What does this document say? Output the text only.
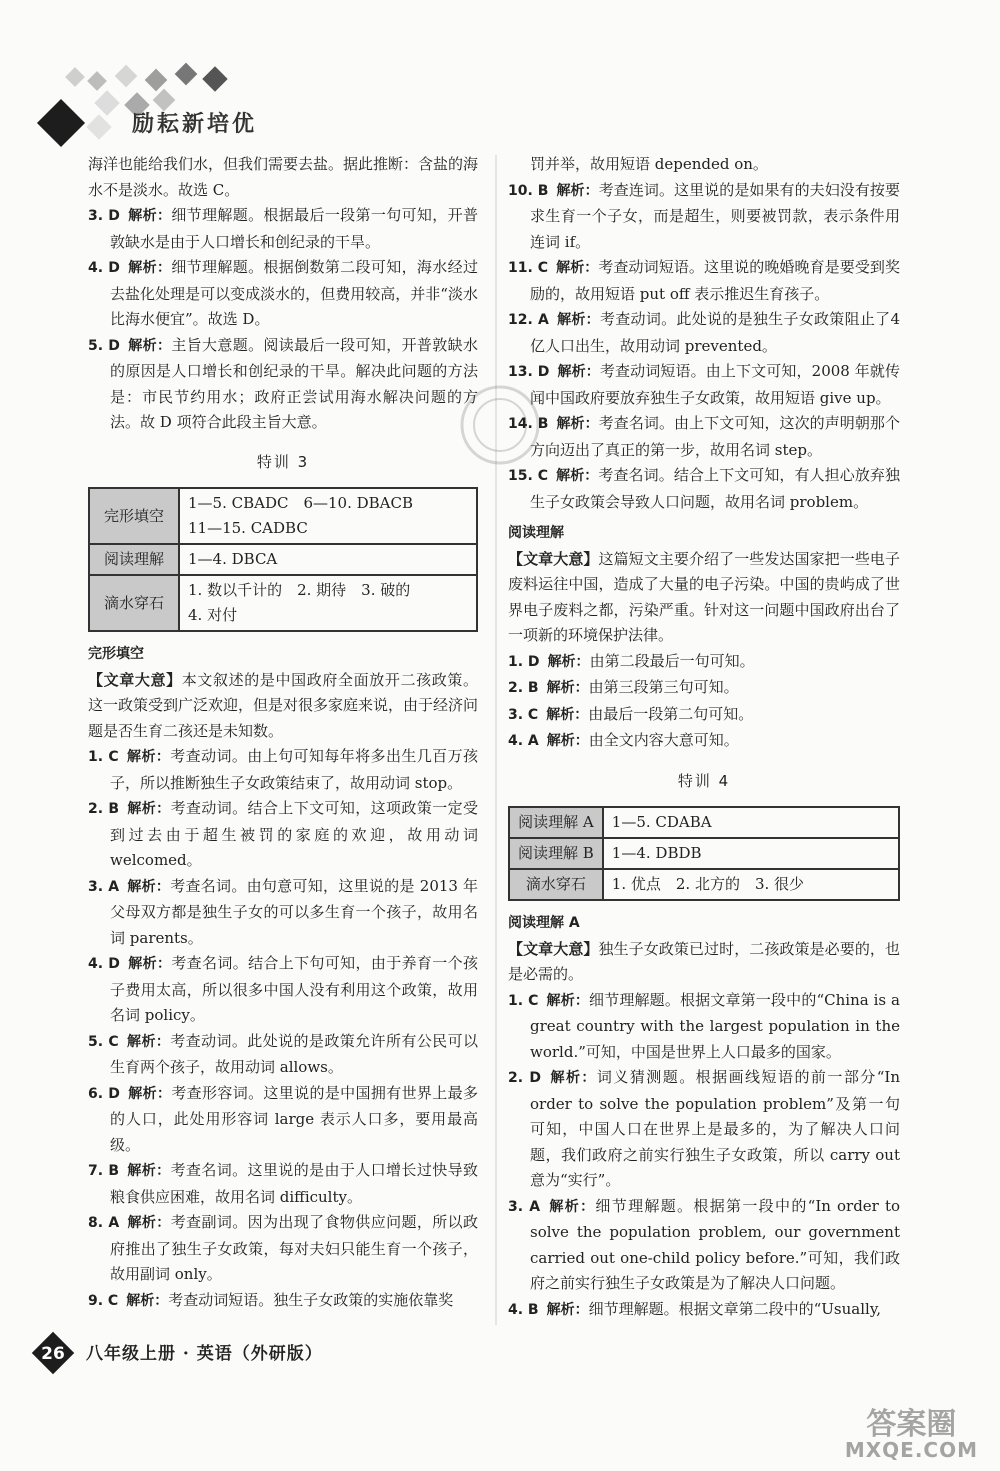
励耘新培优

海洋也能给我们水，但我们需要去盐。据此推断：含盐的海水不是淡水。故选 C。

3. D 解析：细节理解题。根据最后一段第一句可知，开普敦缺水是由于人口增长和创纪录的干旱。

4. D 解析：细节理解题。根据倒数第二段可知，海水经过去盐化处理是可以变成淡水的，但费用较高，并非“淡水比海水便宜”。故选 D。

5. D 解析：主旨大意题。阅读最后一段可知，开普敦缺水的原因是人口增长和创纪录的干旱。解决此问题的方法是：市民节约用水；政府正尝试用海水解决问题的方法。故 D 项符合此段主旨大意。

特训 3
完形填空	1—5. CBADC　6—10. DBACB
11—15. CADBC

阅读理解	1—4. DBCA

滴水穿石	1. 数以千计的　2. 期待　3. 破的
4. 对付
完形填空

【文章大意】本文叙述的是中国政府全面放开二孩政策。这一政策受到广泛欢迎，但是对很多家庭来说，由于经济问题是否生育二孩还是未知数。

1. C 解析：考查动词。由上句可知每年将多出生几百万孩子，所以推断独生子女政策结束了，故用动词 stop。

2. B 解析：考查动词。结合上下文可知，这项政策一定受到过去由于超生被罚的家庭的欢迎，故用动词 welcomed。

3. A 解析：考查名词。由句意可知，这里说的是 2013 年父母双方都是独生子女的可以多生育一个孩子，故用名词 parents。

4. D 解析：考查名词。结合上下句可知，由于养育一个孩子费用太高，所以很多中国人没有利用这个政策，故用名词 policy。

5. C 解析：考查动词。此处说的是政策允许所有公民可以生育两个孩子，故用动词 allows。

6. D 解析：考查形容词。这里说的是中国拥有世界上最多的人口，此处用形容词 large 表示人口多，要用最高级。

7. B 解析：考查名词。这里说的是由于人口增长过快导致粮食供应困难，故用名词 difficulty。

8. A 解析：考查副词。因为出现了食物供应问题，所以政府推出了独生子女政策，每对夫妇只能生育一个孩子，故用副词 only。

9. C 解析：考查动词短语。独生子女政策的实施依靠奖

罚并举，故用短语 depended on。

10. B 解析：考查连词。这里说的是如果有的夫妇没有按要求生育一个子女，而是超生，则要被罚款，表示条件用连词 if。

11. C 解析：考查动词短语。这里说的晚婚晚育是要受到奖励的，故用短语 put off 表示推迟生育孩子。

12. A 解析：考查动词。此处说的是独生子女政策阻止了4 亿人口出生，故用动词 prevented。

13. D 解析：考查动词短语。由上下文可知，2008 年就传闻中国政府要放弃独生子女政策，故用短语 give up。

14. B 解析：考查名词。由上下文可知，这次的声明朝那个方向迈出了真正的第一步，故用名词 step。

15. C 解析：考查名词。结合上下文可知，有人担心放弃独生子女政策会导致人口问题，故用名词 problem。

阅读理解

【文章大意】这篇短文主要介绍了一些发达国家把一些电子废料运往中国，造成了大量的电子污染。中国的贵屿成了世界电子废料之都，污染严重。针对这一问题中国政府出台了一项新的环境保护法律。

1. D 解析：由第二段最后一句可知。

2. B 解析：由第三段第三句可知。

3. C 解析：由最后一段第二句可知。

4. A 解析：由全文内容大意可知。

特训 4
阅读理解 A	1—5. CDABA
阅读理解 B	1—4. DBDB
滴水穿石	1. 优点　2. 北方的　3. 很少
阅读理解 A

【文章大意】独生子女政策已过时，二孩政策是必要的，也是必需的。

1. C 解析：细节理解题。根据文章第一段中的“China is a great country with the largest population in the world.”可知，中国是世界上人口最多的国家。

2. D 解析：词义猜测题。根据画线短语的前一部分“In order to solve the population problem”及第一句可知，中国人口在世界上是最多的，为了解决人口问题，我们政府之前实行独生子女政策，所以 carry out 意为“实行”。

3. A 解析：细节理解题。根据第一段中的“In order to solve the population problem, our government carried out one-child policy before.”可知，我们政府之前实行独生子女政策是为了解决人口问题。

4. B 解析：细节理解题。根据文章第二段中的“Usually,

26 八年级上册 · 英语（外研版）
答案圈
MXQE.COM
